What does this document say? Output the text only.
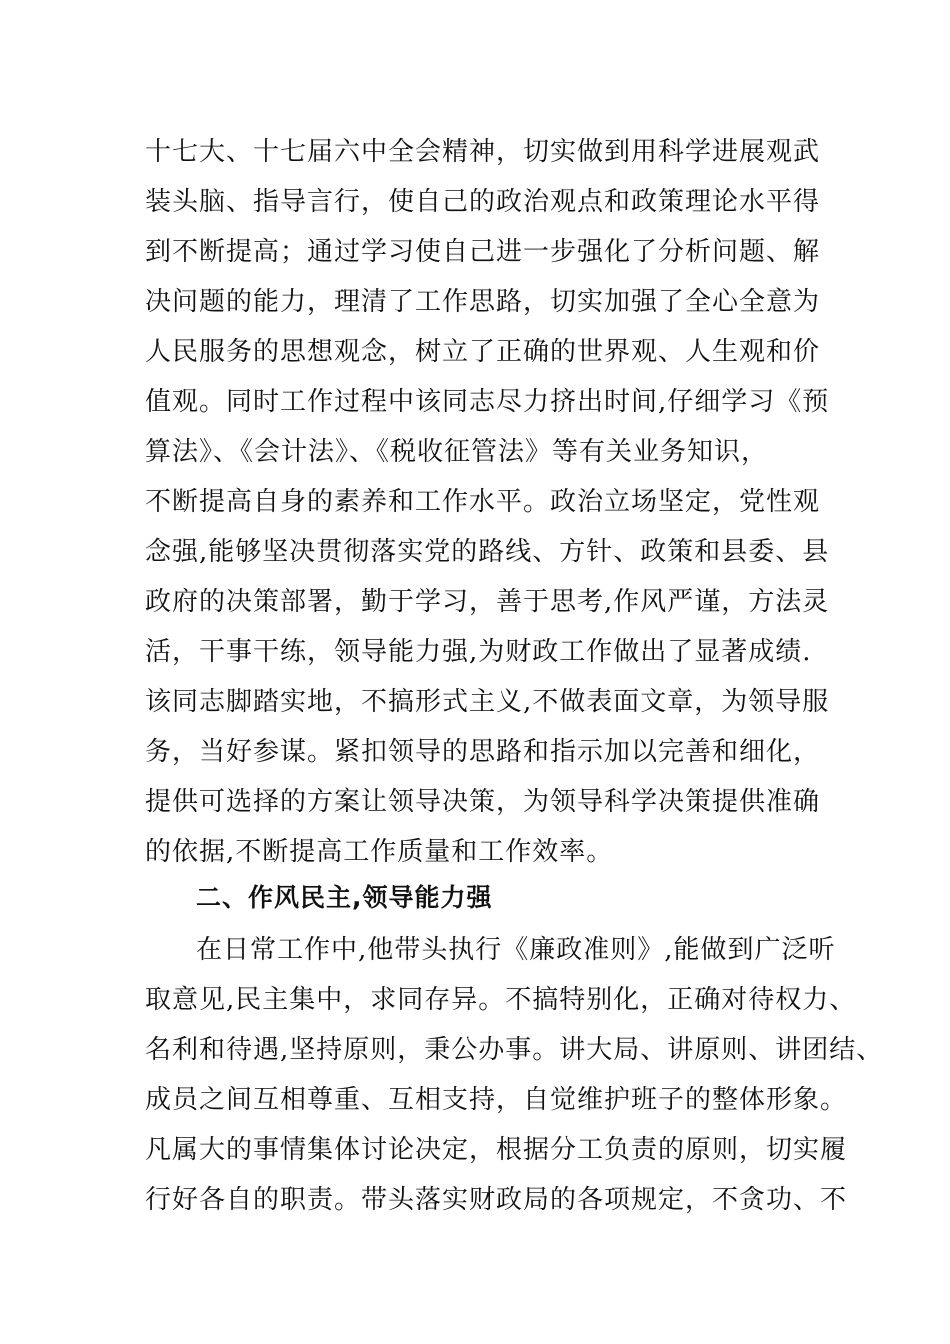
十七大、十七届六中全会精神，切实做到用科学进展观武
装头脑、指导言行，使自己的政治观点和政策理论水平得
到不断提高；通过学习使自己进一步强化了分析问题、解
决问题的能力，理清了工作思路，切实加强了全心全意为
人民服务的思想观念，树立了正确的世界观、人生观和价
值观。同时工作过程中该同志尽力挤出时间,仔细学习《预
算法》、《会计法》、《税收征管法》等有关业务知识，
不断提高自身的素养和工作水平。政治立场坚定，党性观
念强,能够坚决贯彻落实党的路线、方针、政策和县委、县
政府的决策部署，勤于学习，善于思考,作风严谨，方法灵
活，干事干练，领导能力强,为财政工作做出了显著成绩.
该同志脚踏实地，不搞形式主义,不做表面文章，为领导服
务，当好参谋。紧扣领导的思路和指示加以完善和细化，
提供可选择的方案让领导决策，为领导科学决策提供准确
的依据,不断提高工作质量和工作效率。
二、作风民主,领导能力强
在日常工作中,他带头执行《廉政准则》,能做到广泛听
取意见,民主集中，求同存异。不搞特别化，正确对待权力、
名利和待遇,坚持原则，秉公办事。讲大局、讲原则、讲团结、
成员之间互相尊重、互相支持，自觉维护班子的整体形象。
凡属大的事情集体讨论决定，根据分工负责的原则，切实履
行好各自的职责。带头落实财政局的各项规定，不贪功、不
